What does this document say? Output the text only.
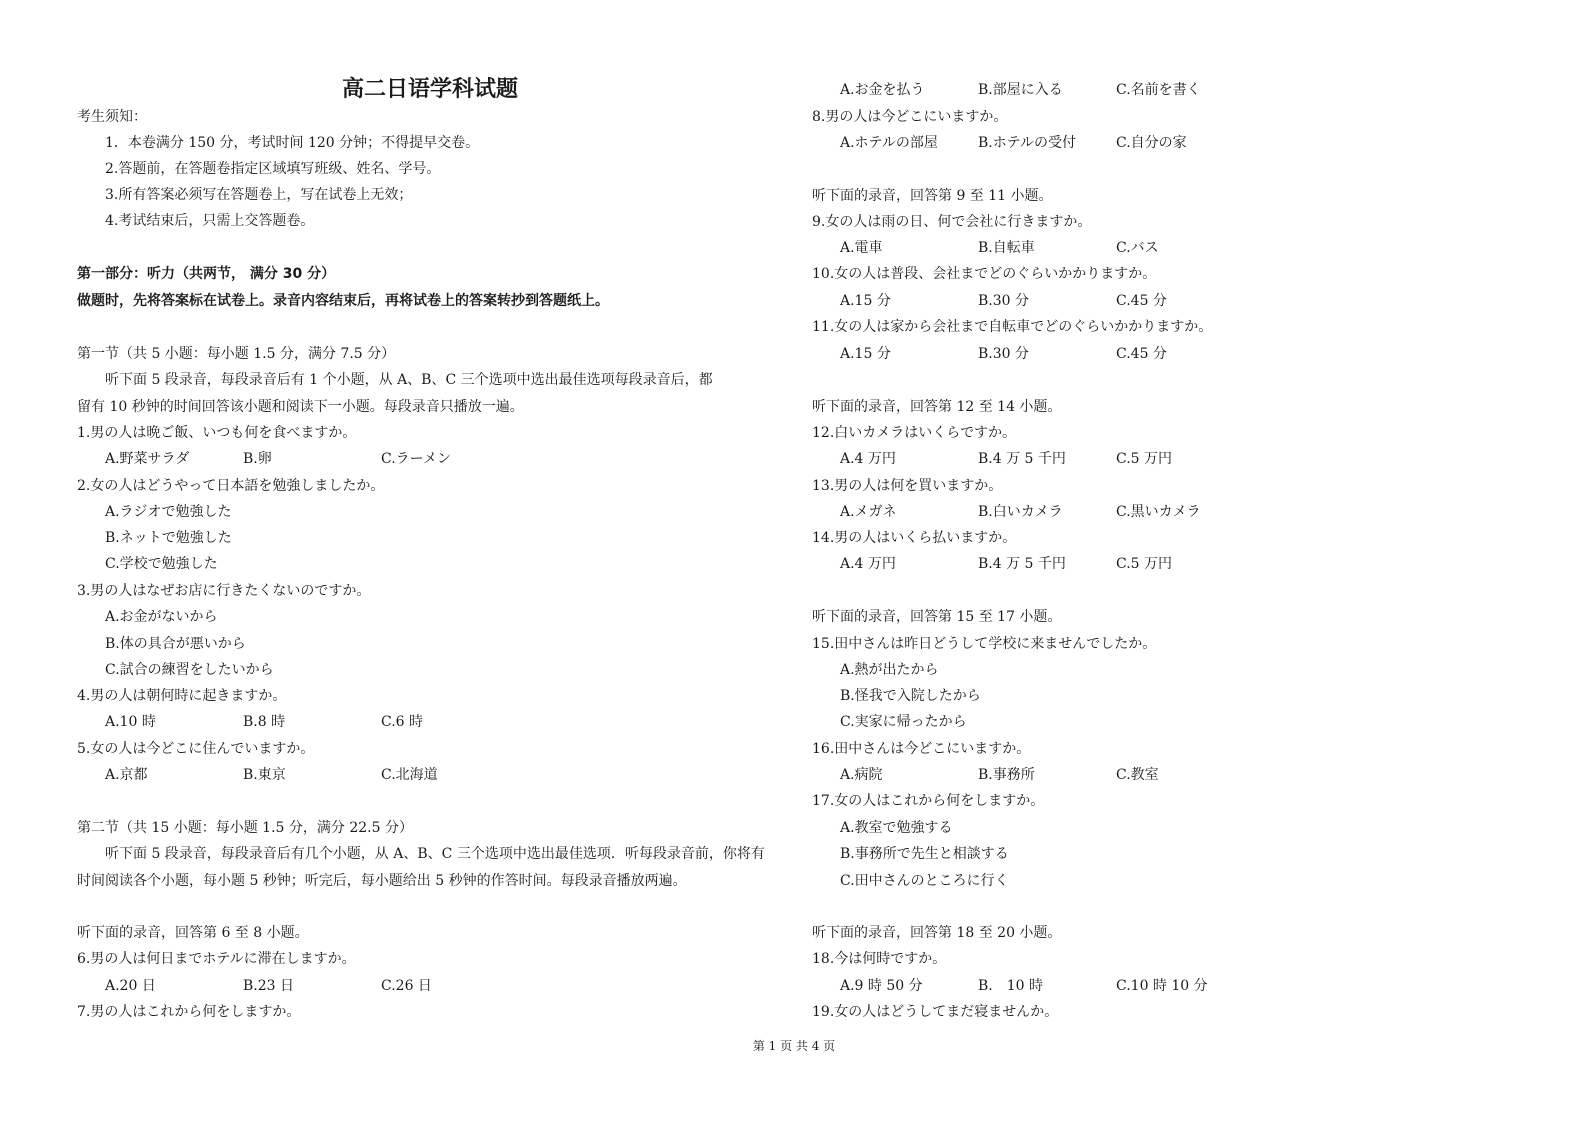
高二日语学科试题
考生须知：
1．本卷满分 150 分，考试时间 120 分钟；不得提早交卷。
2.答题前，在答题卷指定区域填写班级、姓名、学号。
3.所有答案必须写在答题卷上，写在试卷上无效；
4.考试结束后，只需上交答题卷。
第一部分：听力（共两节， 满分 30 分）
做题时，先将答案标在试卷上。录音内容结束后，再将试卷上的答案转抄到答题纸上。
第一节（共 5 小题：每小题 1.5 分，满分 7.5 分）
听下面 5 段录音，每段录音后有 1 个小题，从 A、B、C 三个选项中选出最佳选项每段录音后，都
留有 10 秒钟的时间回答该小题和阅读下一小题。每段录音只播放一遍。
1.男の人は晩ご飯、いつも何を食べますか。
A.野菜サラダ	B.卵	C.ラーメン
2.女の人はどうやって日本語を勉強しましたか。
A.ラジオで勉強した
B.ネットで勉強した
C.学校で勉強した
3.男の人はなぜお店に行きたくないのですか。
A.お金がないから
B.体の具合が悪いから
C.試合の練習をしたいから
4.男の人は朝何時に起きますか。
A.10 時	B.8 時	C.6 時
5.女の人は今どこに住んでいますか。
A.京都	B.東京	C.北海道
第二节（共 15 小题：每小题 1.5 分，满分 22.5 分）
听下面 5 段录音，每段录音后有几个小题，从 A、B、C 三个选项中选出最佳选项．听每段录音前，你将有
时间阅读各个小题，每小题 5 秒钟；听完后，每小题给出 5 秒钟的作答时间。每段录音播放两遍。
听下面的录音，回答第 6 至 8 小题。
6.男の人は何日までホテルに滞在しますか。
A.20 日	B.23 日	C.26 日
7.男の人はこれから何をしますか。
A.お金を払う	B.部屋に入る	C.名前を書く
8.男の人は今どこにいますか。
A.ホテルの部屋	B.ホテルの受付	C.自分の家
听下面的录音，回答第 9 至 11 小题。
9.女の人は雨の日、何で会社に行きますか。
A.電車	B.自転車	C.バス
10.女の人は普段、会社までどのぐらいかかりますか。
A.15 分	B.30 分	C.45 分
11.女の人は家から会社まで自転車でどのぐらいかかりますか。
A.15 分	B.30 分	C.45 分
听下面的录音，回答第 12 至 14 小题。
12.白いカメラはいくらですか。
A.4 万円	B.4 万 5 千円	C.5 万円
13.男の人は何を買いますか。
A.メガネ	B.白いカメラ	C.黒いカメラ
14.男の人はいくら払いますか。
A.4 万円	B.4 万 5 千円	C.5 万円
听下面的录音，回答第 15 至 17 小题。
15.田中さんは昨日どうして学校に来ませんでしたか。
A.熱が出たから
B.怪我で入院したから
C.実家に帰ったから
16.田中さんは今どこにいますか。
A.病院	B.事務所	C.教室
17.女の人はこれから何をしますか。
A.教室で勉強する
B.事務所で先生と相談する
C.田中さんのところに行く
听下面的录音，回答第 18 至 20 小题。
18.今は何時ですか。
A.9 時 50 分	B.　10 時	C.10 時 10 分
19.女の人はどうしてまだ寝ませんか。
第 1 页 共 4 页
